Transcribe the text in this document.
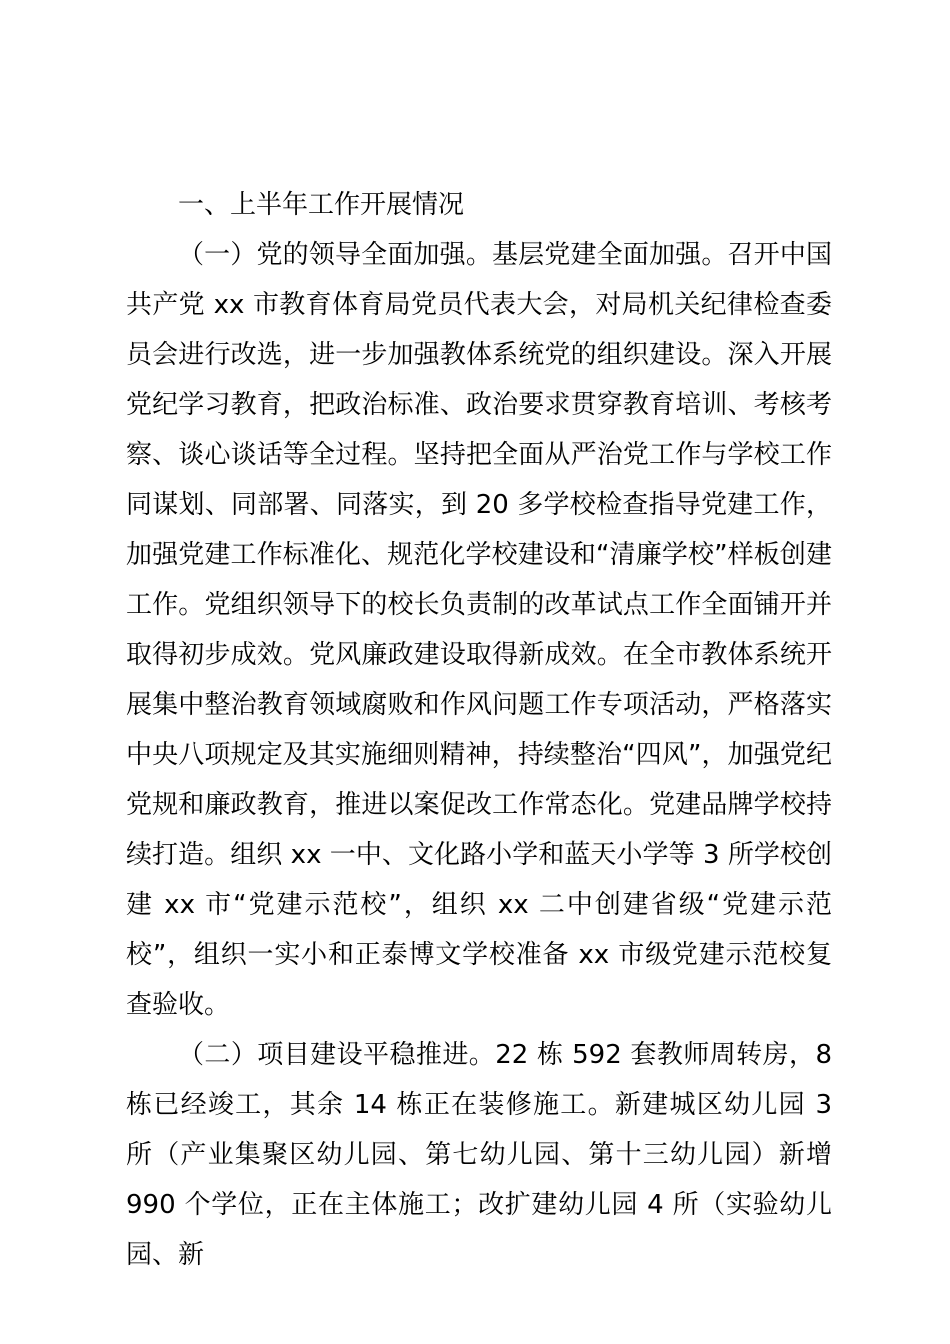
一、上半年工作开展情况

（一）党的领导全面加强。基层党建全面加强。召开中国共产党 xx 市教育体育局党员代表大会，对局机关纪律检查委员会进行改选，进一步加强教体系统党的组织建设。深入开展党纪学习教育，把政治标准、政治要求贯穿教育培训、考核考察、谈心谈话等全过程。坚持把全面从严治党工作与学校工作同谋划、同部署、同落实，到 20 多学校检查指导党建工作，加强党建工作标准化、规范化学校建设和“清廉学校”样板创建工作。党组织领导下的校长负责制的改革试点工作全面铺开并取得初步成效。党风廉政建设取得新成效。在全市教体系统开展集中整治教育领域腐败和作风问题工作专项活动，严格落实中央八项规定及其实施细则精神，持续整治“四风”，加强党纪党规和廉政教育，推进以案促改工作常态化。党建品牌学校持续打造。组织 xx 一中、文化路小学和蓝天小学等 3 所学校创建 xx 市“党建示范校”，组织 xx 二中创建省级“党建示范校”，组织一实小和正泰博文学校准备 xx 市级党建示范校复查验收。

（二）项目建设平稳推进。22 栋 592 套教师周转房，8 栋已经竣工，其余 14 栋正在装修施工。新建城区幼儿园 3 所（产业集聚区幼儿园、第七幼儿园、第十三幼儿园）新增 990 个学位，正在主体施工；改扩建幼儿园 4 所（实验幼儿园、新
